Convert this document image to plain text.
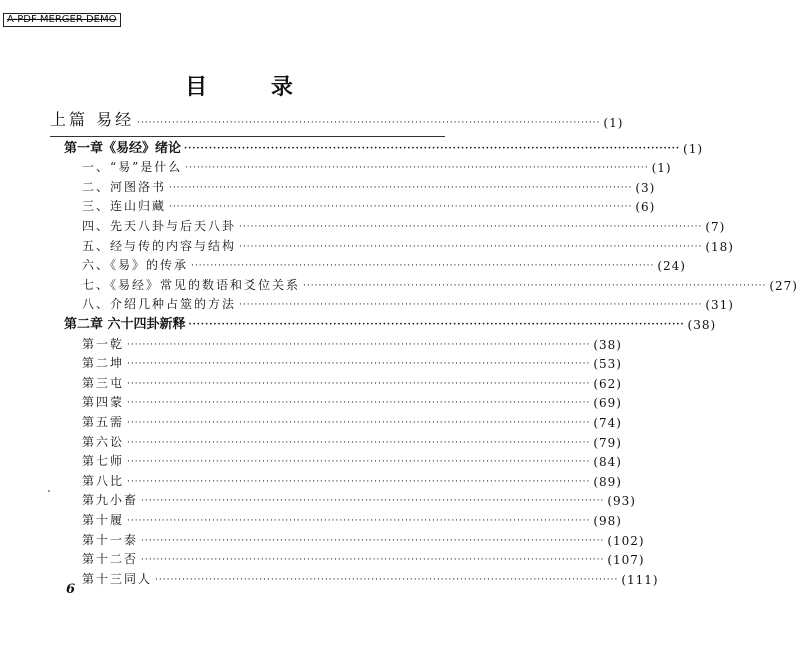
A-PDF MERGER DEMO
目 录
上篇 易经 ························································································································ (1)
第一章《易经》绪论 ························································································································ (1)
一、“易”是什么 ························································································································ (1)
二、河图洛书 ························································································································ (3)
三、连山归藏 ························································································································ (6)
四、先天八卦与后天八卦 ························································································································ (7)
五、经与传的内容与结构 ························································································································ (18)
六、《易》的传承 ························································································································ (24)
七、《易经》常见的数语和爻位关系 ························································································································ (27)
八、介绍几种占筮的方法 ························································································································ (31)
第二章 六十四卦新释 ························································································································ (38)
第一乾 ························································································································ (38)
第二坤 ························································································································ (53)
第三屯 ························································································································ (62)
第四蒙 ························································································································ (69)
第五需 ························································································································ (74)
第六讼 ························································································································ (79)
第七师 ························································································································ (84)
第八比 ························································································································ (89)
第九小畜 ························································································································ (93)
第十履 ························································································································ (98)
第十一泰 ························································································································ (102)
第十二否 ························································································································ (107)
第十三同人 ························································································································ (111)
6
